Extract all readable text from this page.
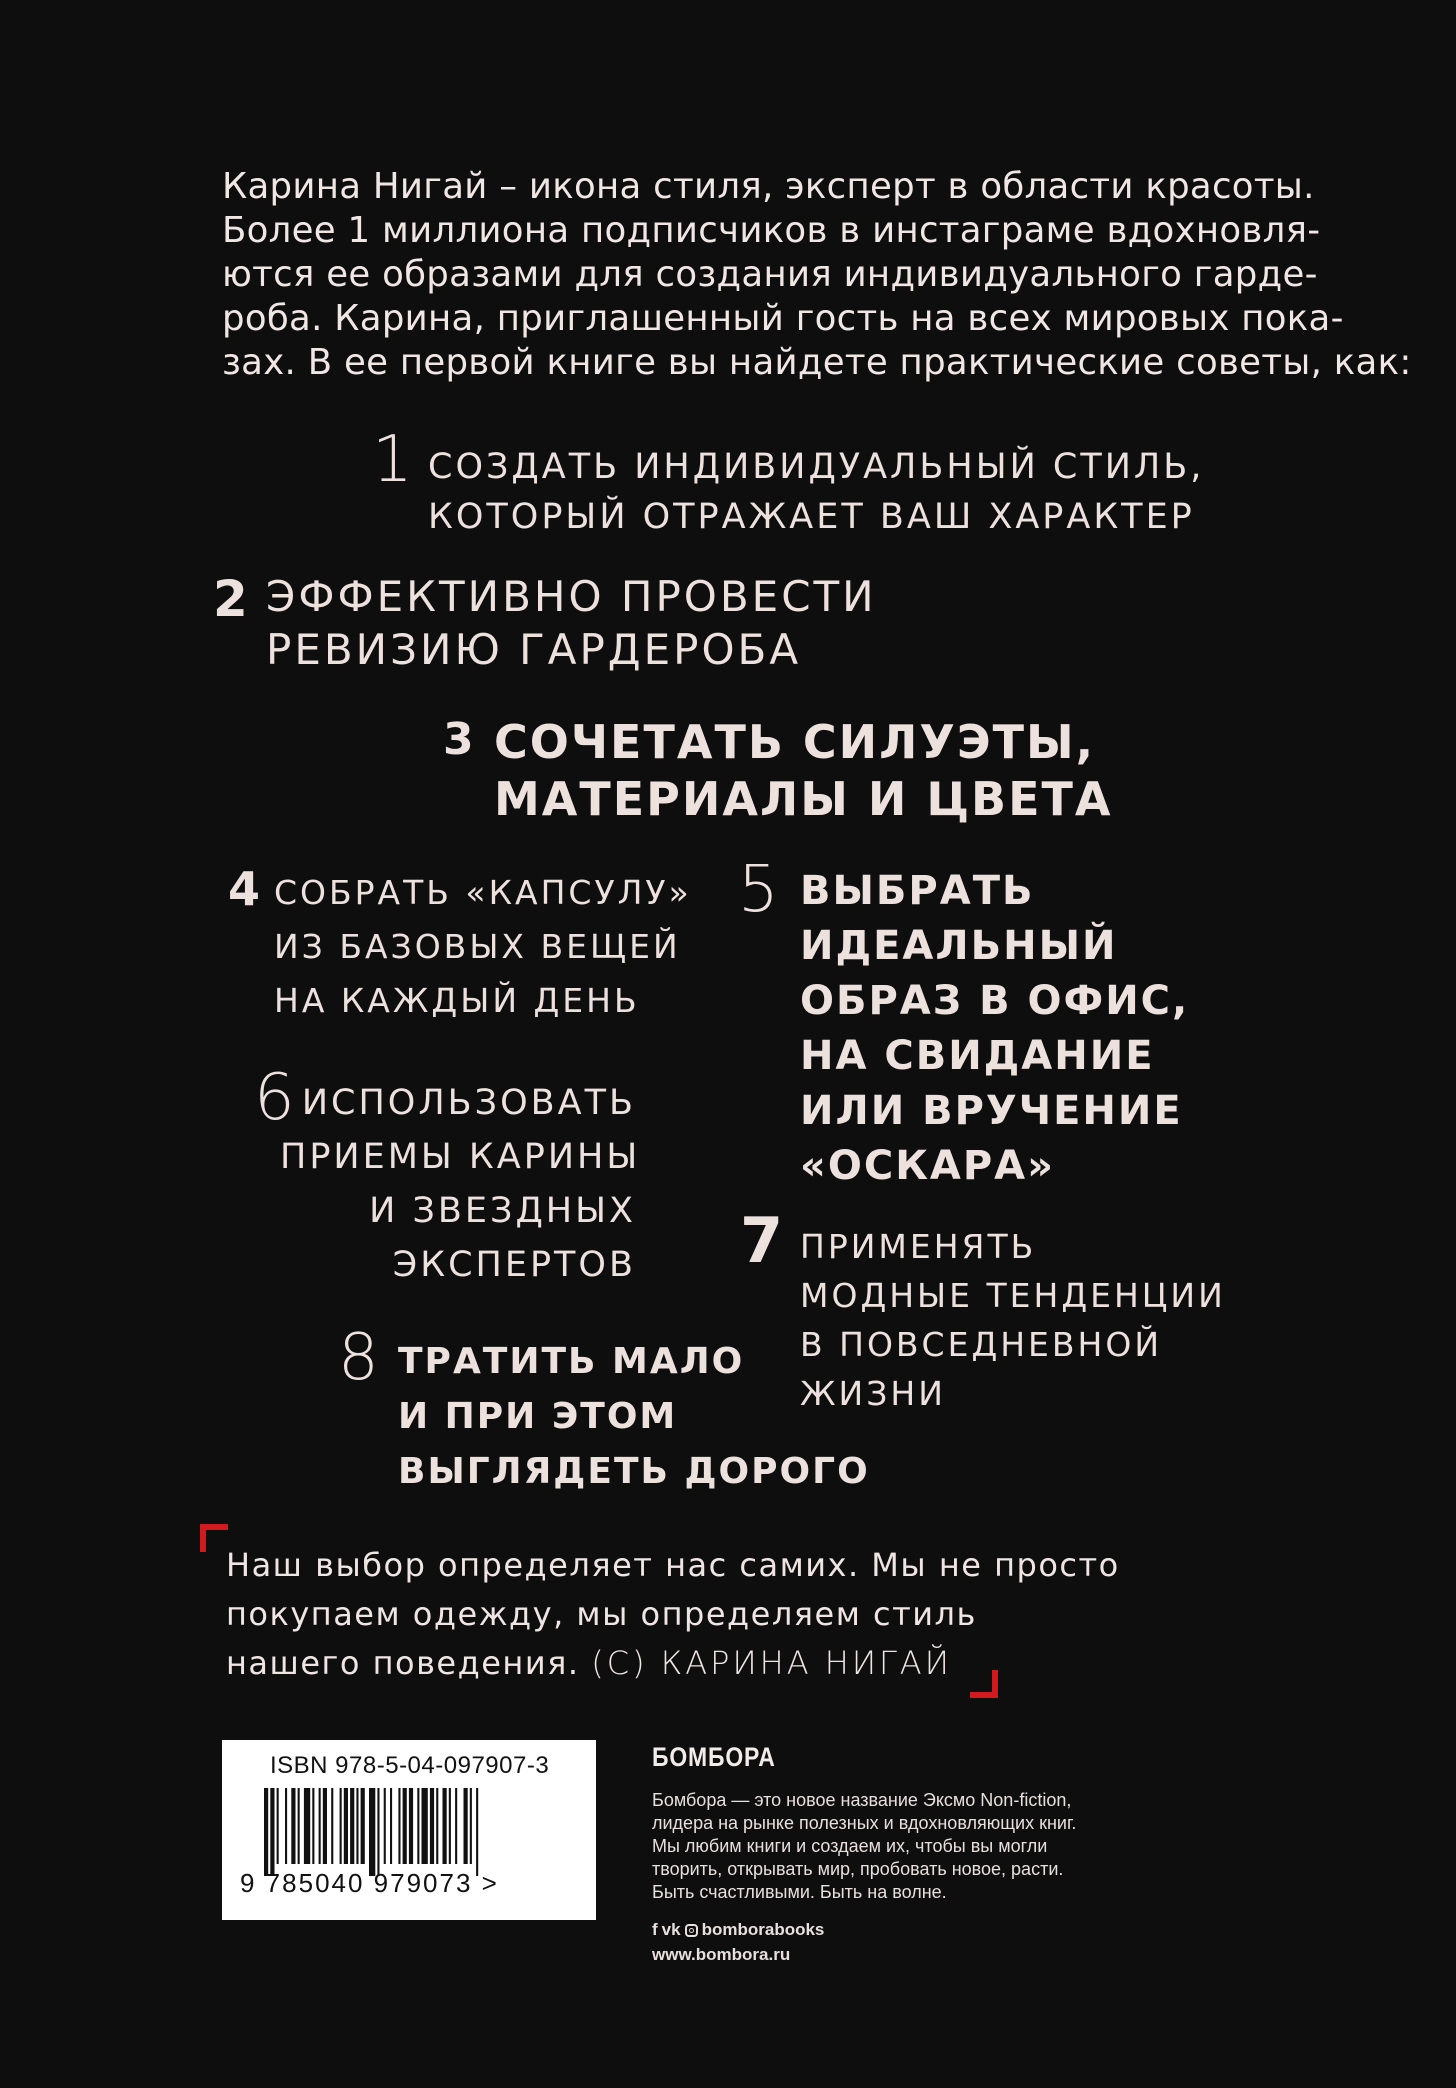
Карина Нигай – икона стиля, эксперт в области красоты.
Более 1 миллиона подписчиков в инстаграме вдохновля-
ются ее образами для создания индивидуального гарде-
роба. Карина, приглашенный гость на всех мировых пока-
зах. В ее первой книге вы найдете практические советы, как:
1 СОЗДАТЬ ИНДИВИДУАЛЬНЫЙ СТИЛЬ,
КОТОРЫЙ ОТРАЖАЕТ ВАШ ХАРАКТЕР
2 ЭФФЕКТИВНО ПРОВЕСТИ
РЕВИЗИЮ ГАРДЕРОБА
3 СОЧЕТАТЬ СИЛУЭТЫ,
МАТЕРИАЛЫ И ЦВЕТА
4 СОБРАТЬ «КАПСУЛУ»
ИЗ БАЗОВЫХ ВЕЩЕЙ
НА КАЖДЫЙ ДЕНЬ
5 ВЫБРАТЬ
ИДЕАЛЬНЫЙ
ОБРАЗ В ОФИС,
НА СВИДАНИЕ
ИЛИ ВРУЧЕНИЕ
«ОСКАРА»
6 ИСПОЛЬЗОВАТЬ
ПРИЕМЫ КАРИНЫ
И ЗВЕЗДНЫХ
ЭКСПЕРТОВ 7 ПРИМЕНЯТЬ
МОДНЫЕ ТЕНДЕНЦИИ
В ПОВСЕДНЕВНОЙ
ЖИЗНИ
8 ТРАТИТЬ МАЛО
И ПРИ ЭТОМ
ВЫГЛЯДЕТЬ ДОРОГО
Наш выбор определяет нас самих. Мы не просто
покупаем одежду, мы определяем стиль
нашего поведения. (С) КАРИНА НИГАЙ
ISBN 978-5-04-097907-3
9 785040 979073 >
БОМБОРА
Бомбора — это новое название Эксмо Non-fiction,
лидера на рынке полезных и вдохновляющих книг.
Мы любим книги и создаем их, чтобы вы могли
творить, открывать мир, пробовать новое, расти.
Быть счастливыми. Быть на волне.
f vk bomborabooks
www.bombora.ru
